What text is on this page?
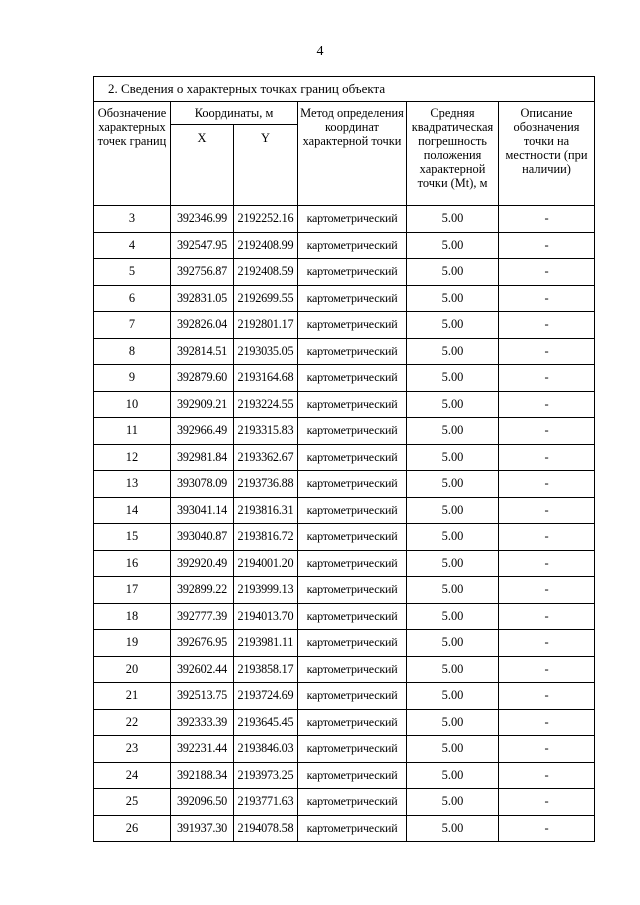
4
2. Сведения о характерных точках границ объекта					
Обозначение характерных точек границ	Координаты, м		Метод определения координат характерной точки	Средняя квадратическая погрешность положения характерной точки (Mt), м	Описание обозначения точки на местности (при наличии)
	X	Y			
3	392346.99	2192252.16	картометрический	5.00	-
4	392547.95	2192408.99	картометрический	5.00	-
5	392756.87	2192408.59	картометрический	5.00	-
6	392831.05	2192699.55	картометрический	5.00	-
7	392826.04	2192801.17	картометрический	5.00	-
8	392814.51	2193035.05	картометрический	5.00	-
9	392879.60	2193164.68	картометрический	5.00	-
10	392909.21	2193224.55	картометрический	5.00	-
11	392966.49	2193315.83	картометрический	5.00	-
12	392981.84	2193362.67	картометрический	5.00	-
13	393078.09	2193736.88	картометрический	5.00	-
14	393041.14	2193816.31	картометрический	5.00	-
15	393040.87	2193816.72	картометрический	5.00	-
16	392920.49	2194001.20	картометрический	5.00	-
17	392899.22	2193999.13	картометрический	5.00	-
18	392777.39	2194013.70	картометрический	5.00	-
19	392676.95	2193981.11	картометрический	5.00	-
20	392602.44	2193858.17	картометрический	5.00	-
21	392513.75	2193724.69	картометрический	5.00	-
22	392333.39	2193645.45	картометрический	5.00	-
23	392231.44	2193846.03	картометрический	5.00	-
24	392188.34	2193973.25	картометрический	5.00	-
25	392096.50	2193771.63	картометрический	5.00	-
26	391937.30	2194078.58	картометрический	5.00	-
